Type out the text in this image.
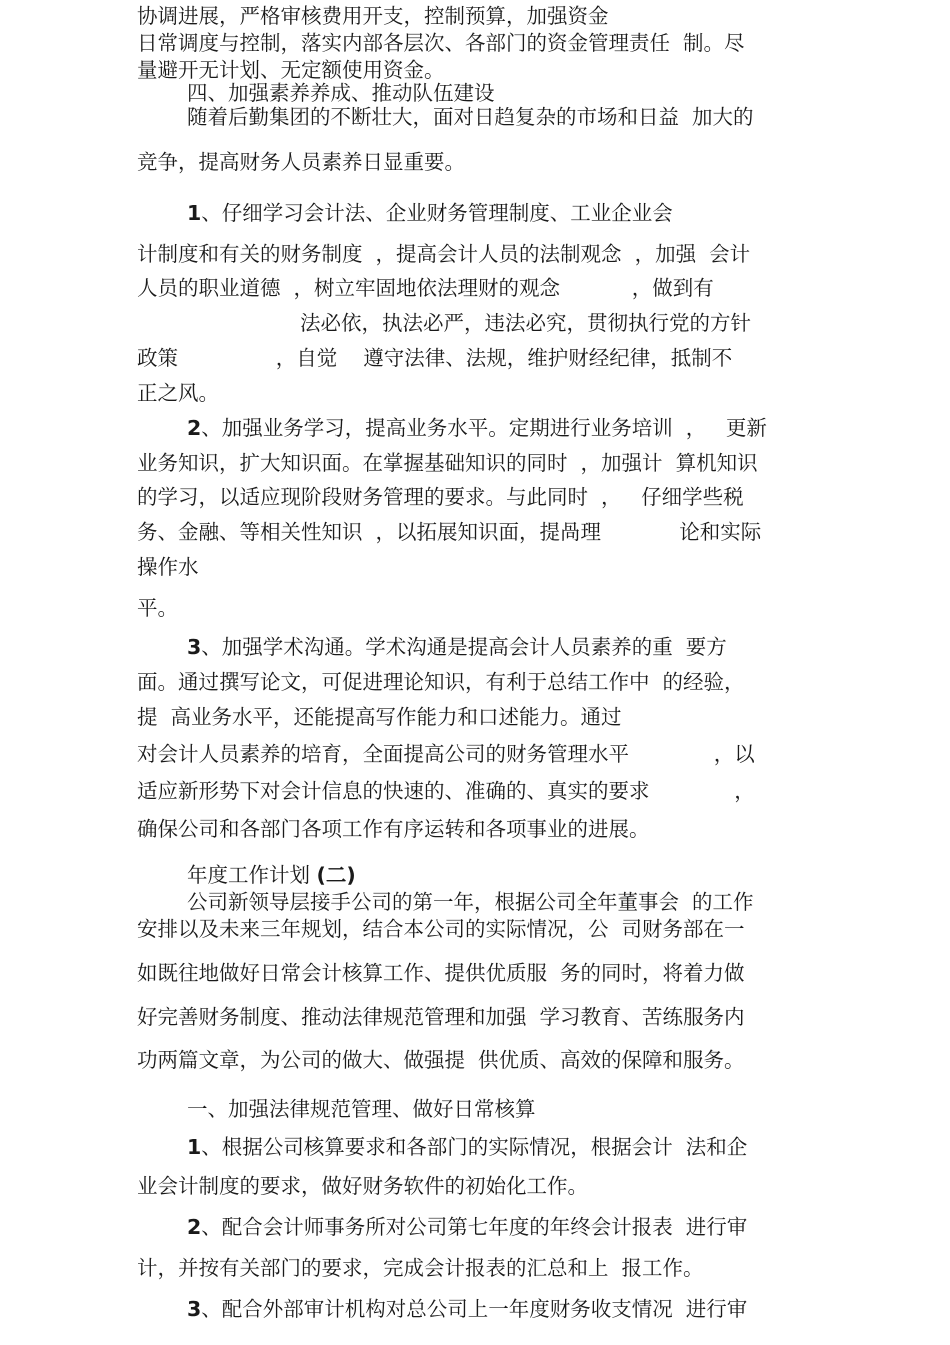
协调进展，严格审核费用开支，控制预算，加强资金
日常调度与控制，落实内部各层次、各部门的资金管理责任  制。尽
量避开无计划、无定额使用资金。
四、加强素养养成、推动队伍建设
随着后勤集团的不断壮大，面对日趋复杂的市场和日益  加大的
竞争，提高财务人员素养日显重要。
1、仔细学习会计法、企业财务管理制度、工业企业会
计制度和有关的财务制度  ，提高会计人员的法制观念  ，加强  会计
人员的职业道德  ，树立牢固地依法理财的观念           ，做到有
法必依，执法必严，违法必究，贯彻执行党的方针
政策               ，自觉    遵守法律、法规，维护财经纪律，抵制不
正之风。
2、加强业务学习，提高业务水平。定期进行业务培训  ，   更新
业务知识，扩大知识面。在掌握基础知识的同时  ，加强计  算机知识
的学习，以适应现阶段财务管理的要求。与此同时  ，   仔细学些税
务、金融、等相关性知识  ，以拓展知识面，提咼理            论和实际
操作水
平。
3、加强学术沟通。学术沟通是提高会计人员素养的重  要方
面。通过撰写论文，可促进理论知识，有利于总结工作中  的经验，
提  高业务水平，还能提高写作能力和口述能力。通过
对会计人员素养的培育，全面提高公司的财务管理水平             ，以
适应新形势下对会计信息的快速的、准确的、真实的要求             ，
确保公司和各部门各项工作有序运转和各项事业的进展。
年度工作计划 (二)
公司新领导层接手公司的第一年，根据公司全年董事会  的工作
安排以及未来三年规划，结合本公司的实际情况，公  司财务部在一
如既往地做好日常会计核算工作、提供优质服  务的同时，将着力做
好完善财务制度、推动法律规范管理和加强  学习教育、苦练服务内
功两篇文章，为公司的做大、做强提  供优质、高效的保障和服务。
一、加强法律规范管理、做好日常核算
1、根据公司核算要求和各部门的实际情况，根据会计  法和企
业会计制度的要求，做好财务软件的初始化工作。
2、配合会计师事务所对公司第七年度的年终会计报表  进行审
计，并按有关部门的要求，完成会计报表的汇总和上  报工作。
3、配合外部审计机构对总公司上一年度财务收支情况  进行审
